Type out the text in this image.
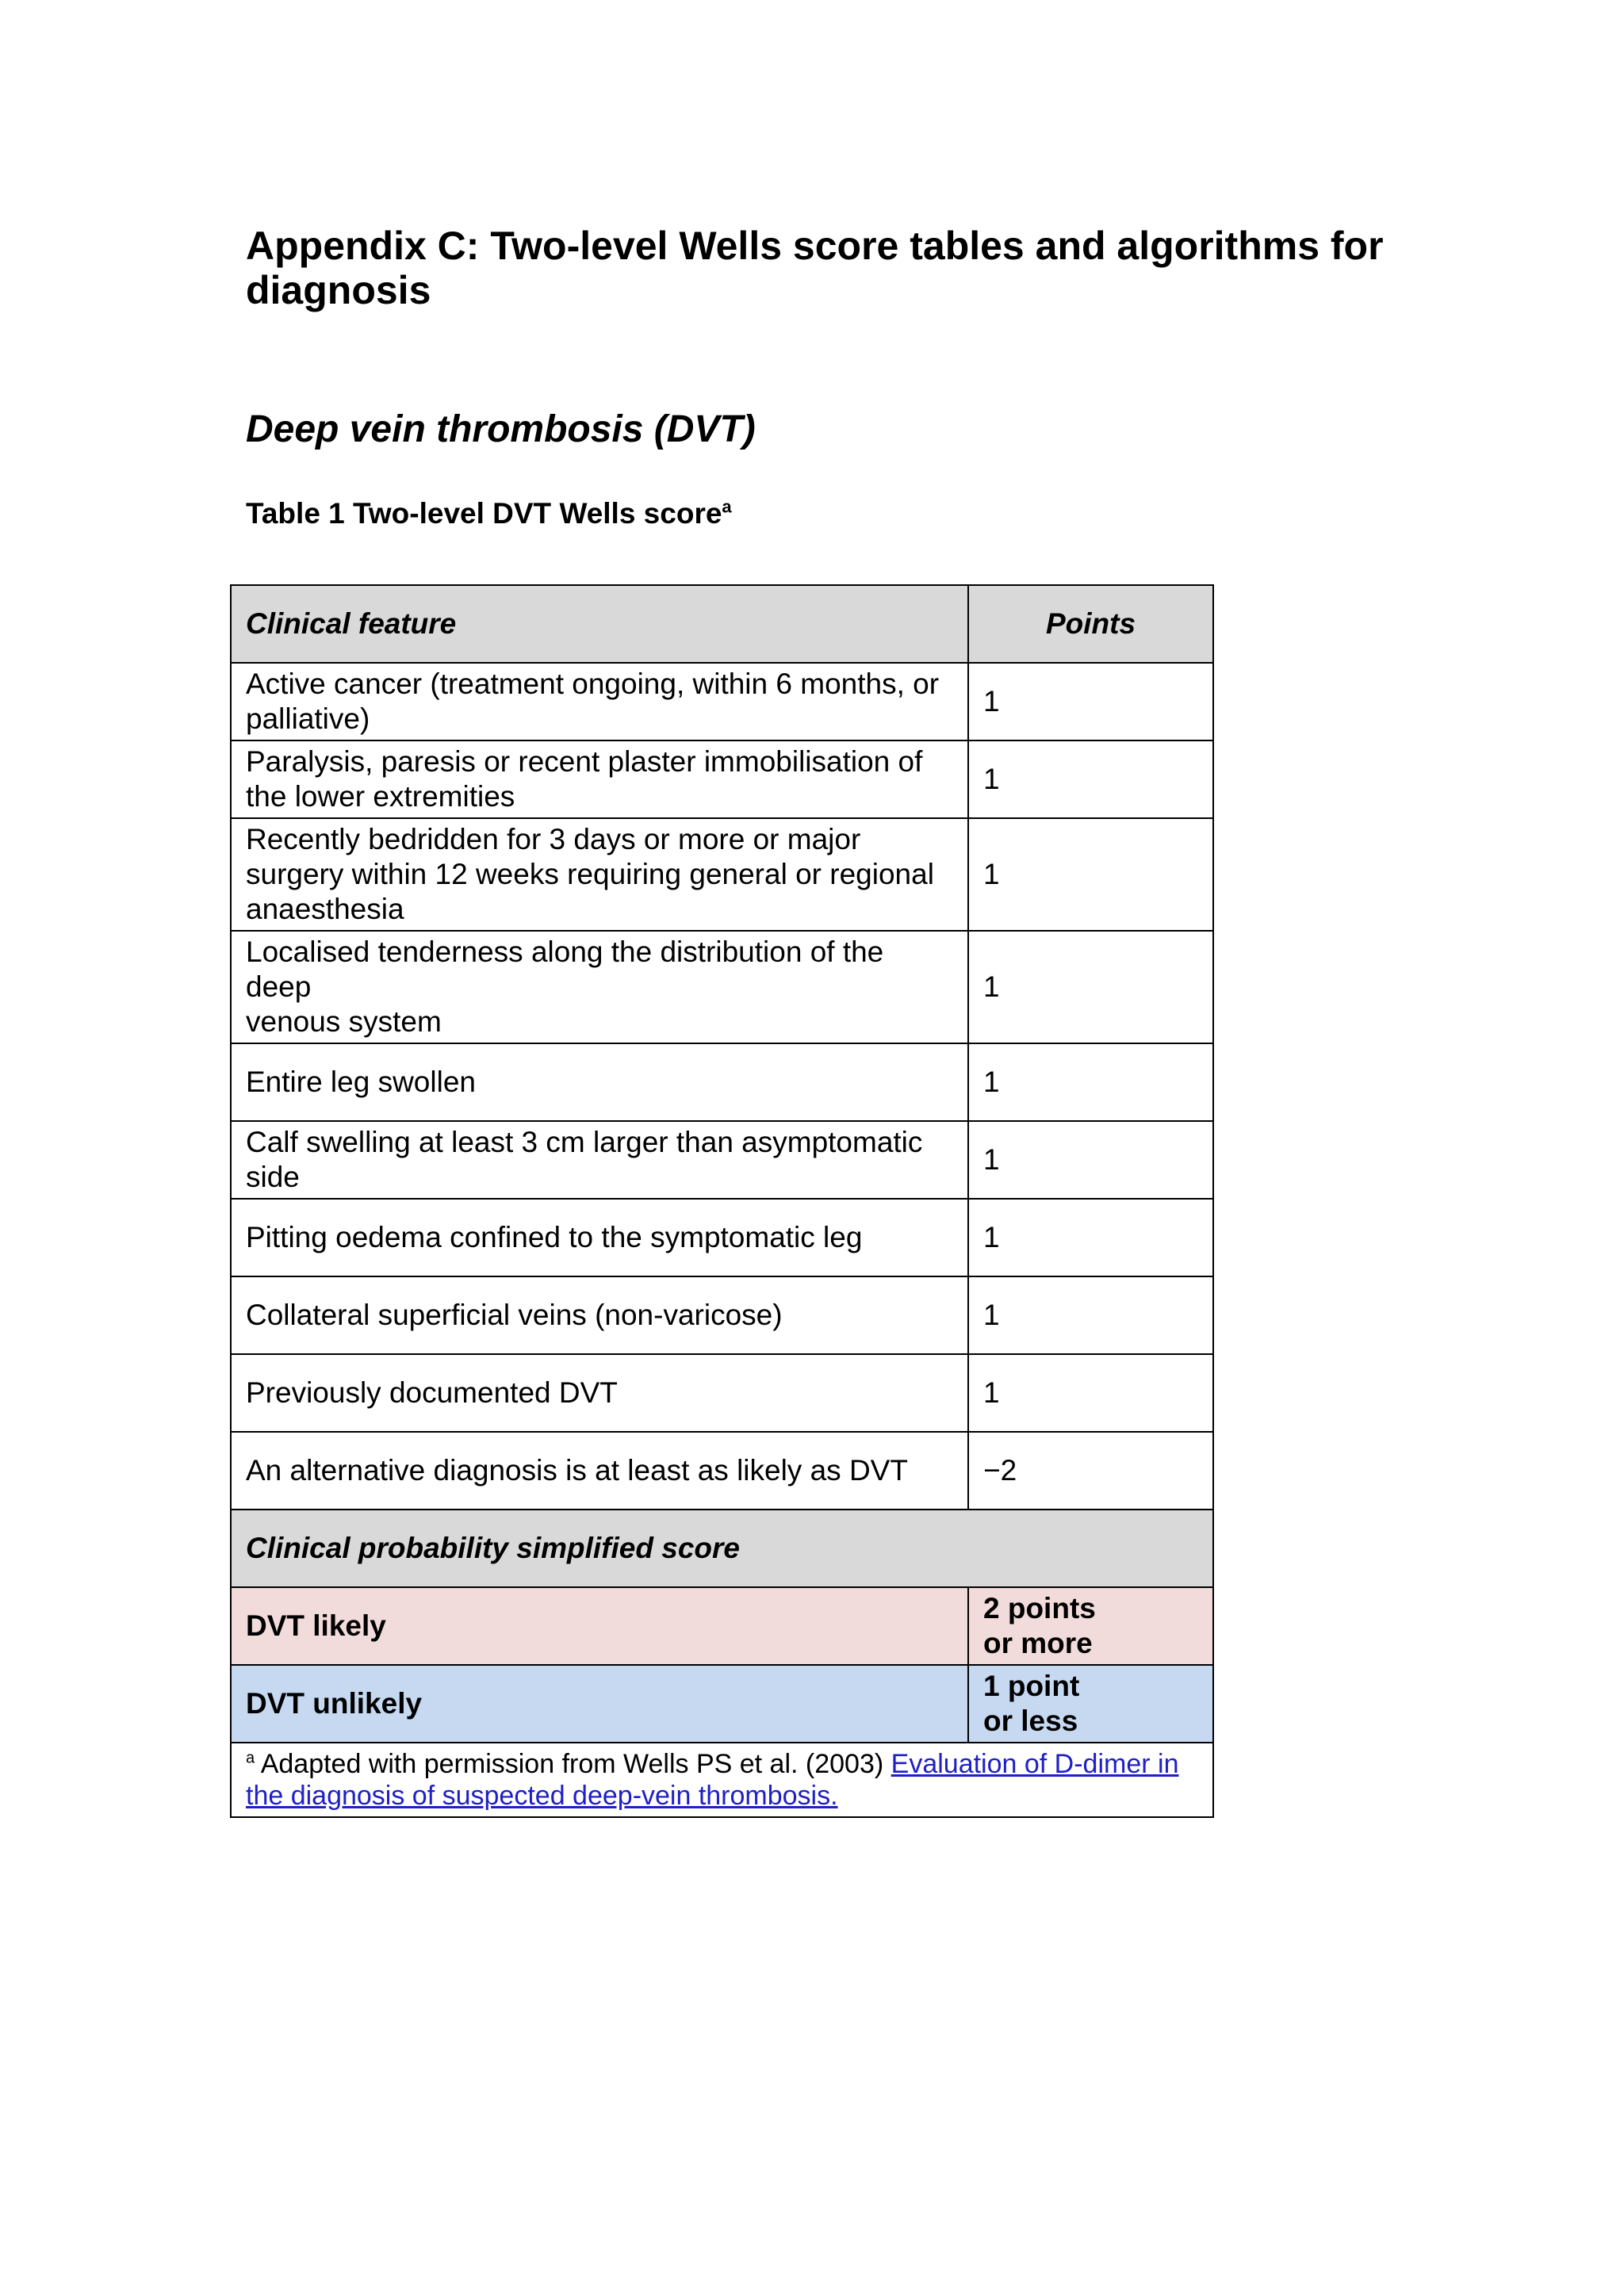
Appendix C: Two-level Wells score tables and algorithms for diagnosis
Deep vein thrombosis (DVT)

Table 1 Two-level DVT Wells score$^a$

Clinical feature	Points
Active cancer (treatment ongoing, within 6 months, or palliative)	1
Paralysis, paresis or recent plaster immobilisation of the lower extremities	1
Recently bedridden for 3 days or more or major surgery within 12 weeks requiring general or regional anaesthesia	1
Localised tenderness along the distribution of the deep
venous system	1
Entire leg swollen	1
Calf swelling at least 3 cm larger than asymptomatic side	1
Pitting oedema confined to the symptomatic leg	1
Collateral superficial veins (non-varicose)	1
Previously documented DVT	1
An alternative diagnosis is at least as likely as DVT	−2
Clinical probability simplified score	
DVT likely	2 points
or more
DVT unlikely	1 point
or less
$^a$ Adapted with permission from Wells PS et al. (2003) Evaluation of D-dimer in the diagnosis of suspected deep-vein thrombosis.	
